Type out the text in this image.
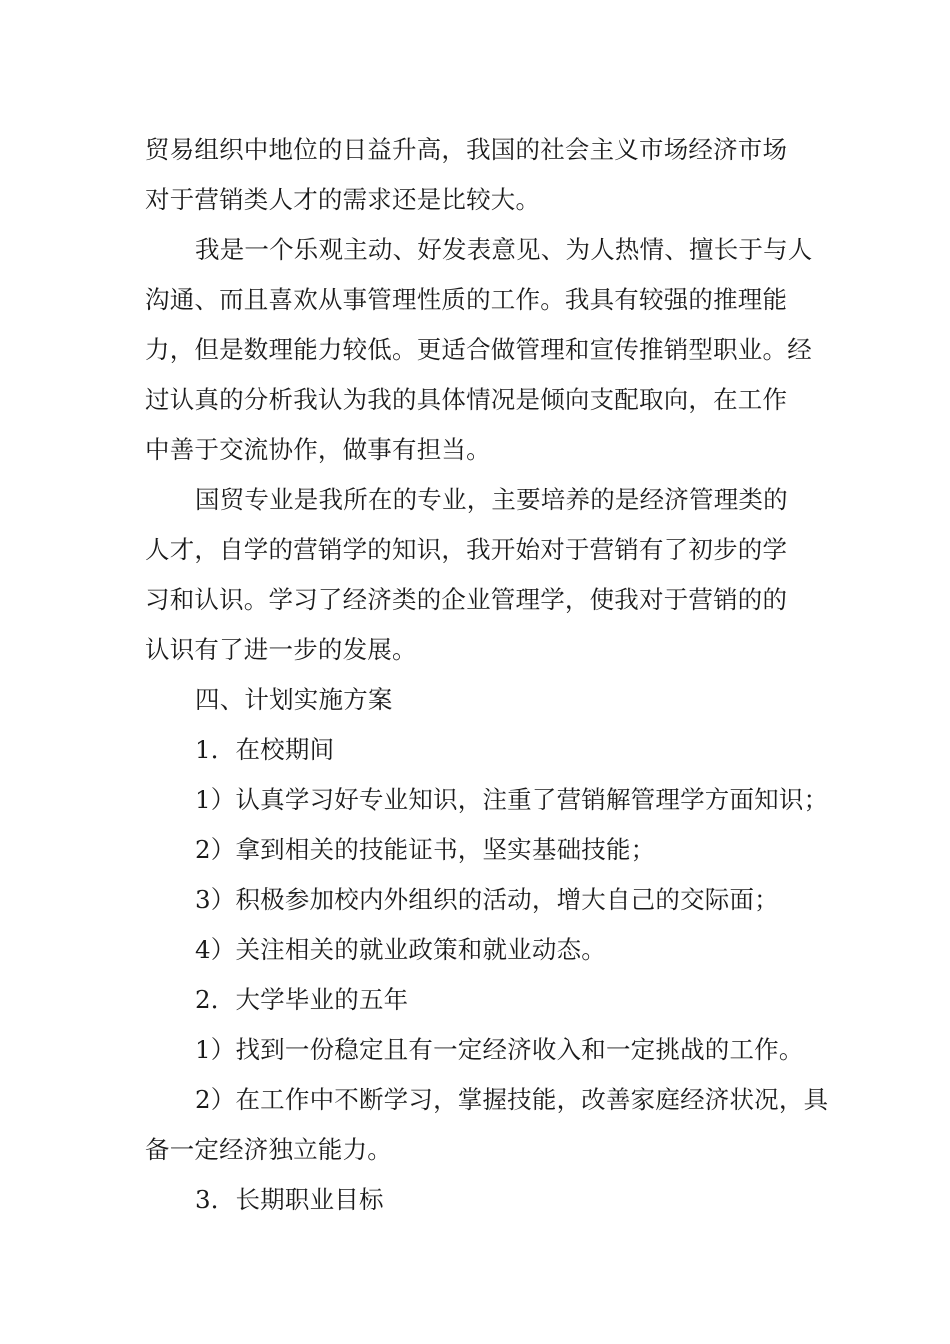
贸易组织中地位的日益升高，我国的社会主义市场经济市场
对于营销类人才的需求还是比较大。
我是一个乐观主动、好发表意见、为人热情、擅长于与人
沟通、而且喜欢从事管理性质的工作。我具有较强的推理能
力，但是数理能力较低。更适合做管理和宣传推销型职业。经
过认真的分析我认为我的具体情况是倾向支配取向，在工作
中善于交流协作，做事有担当。
国贸专业是我所在的专业，主要培养的是经济管理类的
人才，自学的营销学的知识，我开始对于营销有了初步的学
习和认识。学习了经济类的企业管理学，使我对于营销的的
认识有了进一步的发展。
四、计划实施方案
1．在校期间
1）认真学习好专业知识，注重了营销解管理学方面知识；
2）拿到相关的技能证书，坚实基础技能；
3）积极参加校内外组织的活动，增大自己的交际面；
4）关注相关的就业政策和就业动态。
2．大学毕业的五年
1）找到一份稳定且有一定经济收入和一定挑战的工作。
2）在工作中不断学习，掌握技能，改善家庭经济状况，具
备一定经济独立能力。
3．长期职业目标
